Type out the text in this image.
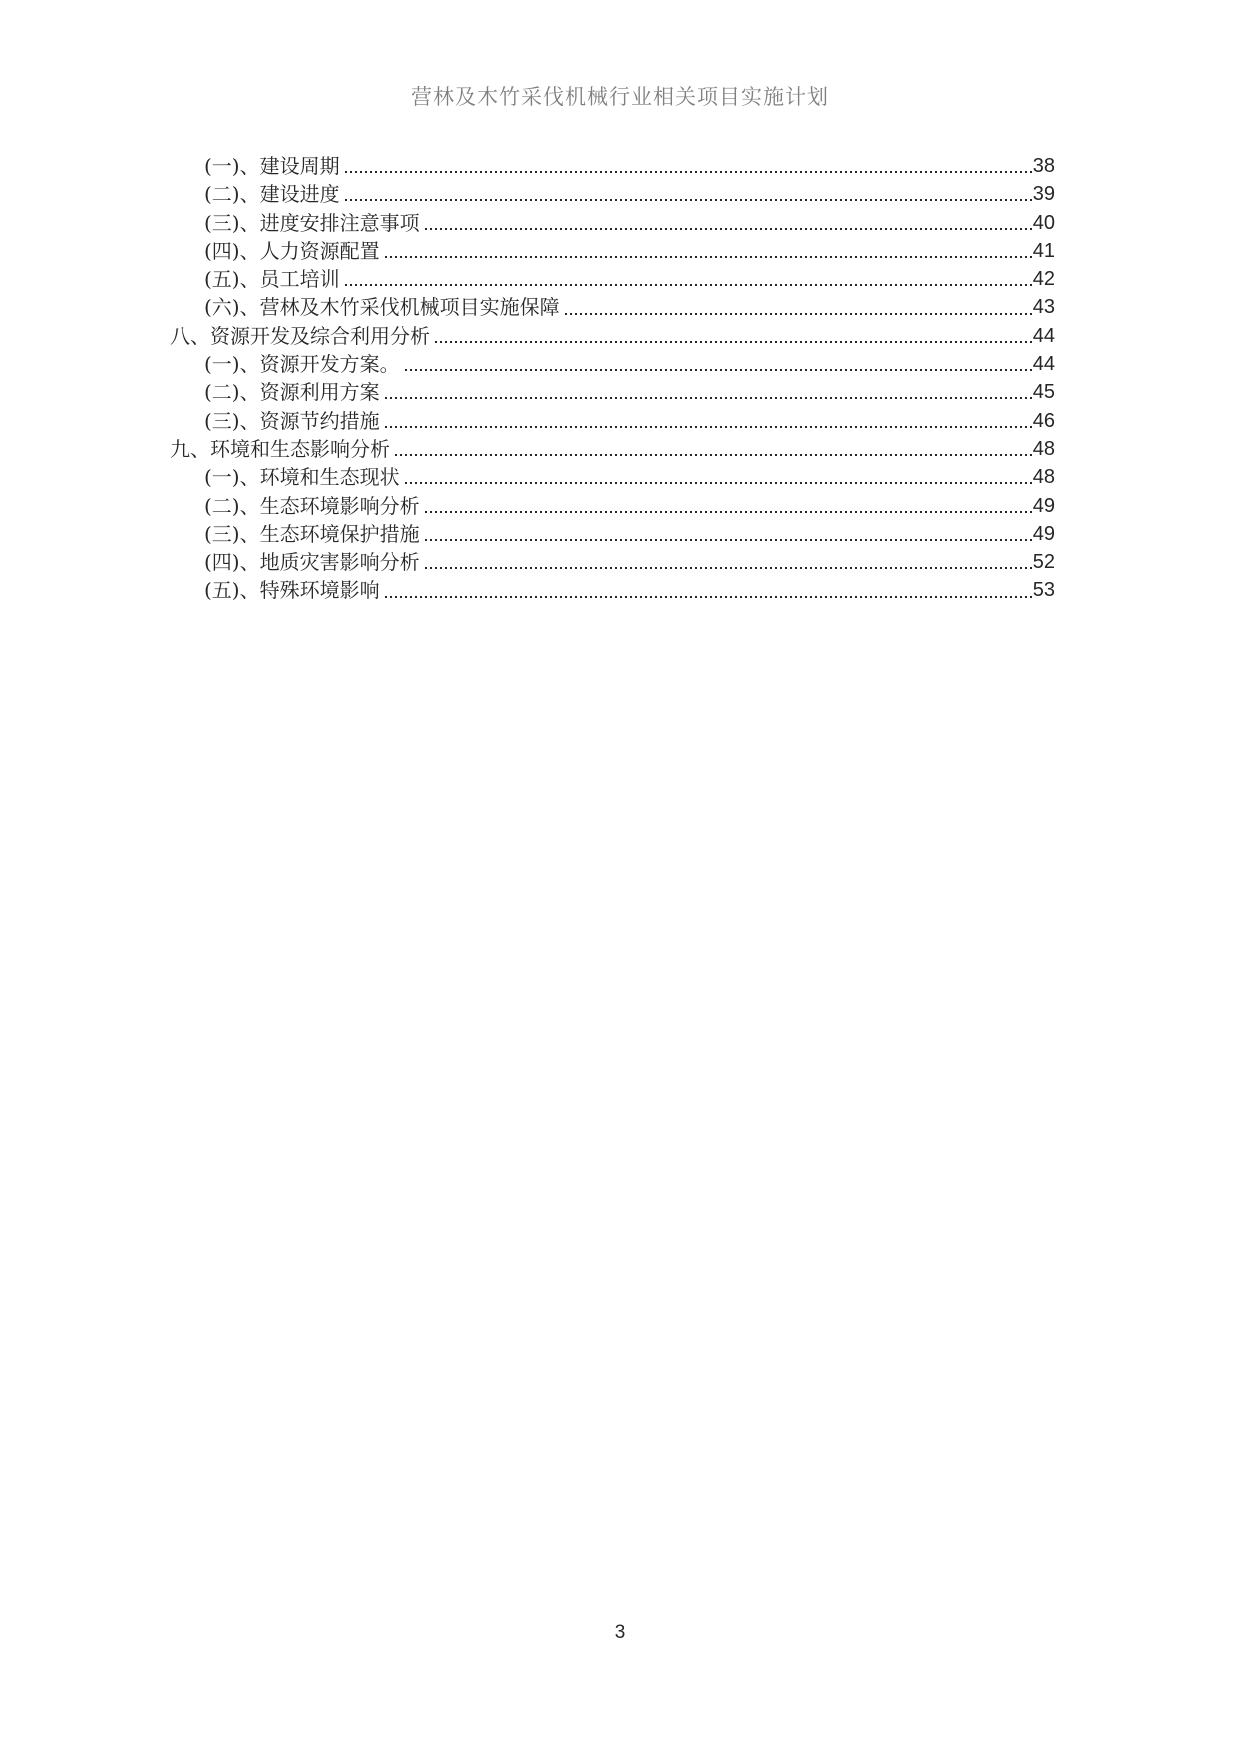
营林及木竹采伐机械行业相关项目实施计划
(一)、建设周期	38
(二)、建设进度	39
(三)、进度安排注意事项	40
(四)、人力资源配置	41
(五)、员工培训	42
(六)、营林及木竹采伐机械项目实施保障	43
八、资源开发及综合利用分析	44
(一)、资源开发方案。	44
(二)、资源利用方案	45
(三)、资源节约措施	46
九、环境和生态影响分析	48
(一)、环境和生态现状	48
(二)、生态环境影响分析	49
(三)、生态环境保护措施	49
(四)、地质灾害影响分析	52
(五)、特殊环境影响	53
3
